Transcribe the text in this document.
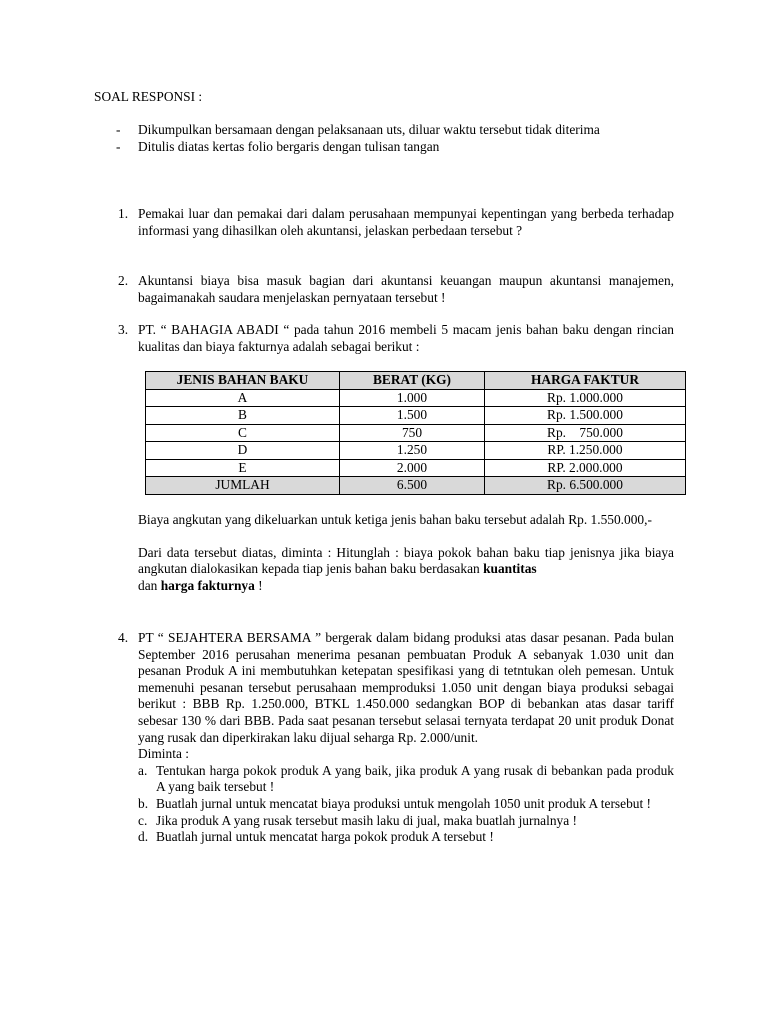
SOAL RESPONSI :
- Dikumpulkan bersamaan dengan pelaksanaan uts, diluar waktu tersebut tidak diterima
- Ditulis diatas kertas folio bergaris dengan tulisan tangan
1. Pemakai luar dan pemakai dari dalam perusahaan mempunyai kepentingan yang berbeda terhadap informasi yang dihasilkan oleh akuntansi, jelaskan perbedaan tersebut ?

2. Akuntansi biaya bisa masuk bagian dari akuntansi keuangan maupun akuntansi manajemen, bagaimanakah saudara menjelaskan pernyataan tersebut !

3. PT. “ BAHAGIA ABADI “ pada tahun 2016 membeli 5 macam jenis bahan baku dengan rincian kualitas dan biaya fakturnya adalah sebagai berikut :

JENIS BAHAN BAKU	BERAT (KG)	HARGA FAKTUR
A	1.000	Rp. 1.000.000
B	1.500	Rp. 1.500.000
C	750	Rp.    750.000
D	1.250	RP. 1.250.000
E	2.000	RP. 2.000.000
JUMLAH	6.500	Rp. 6.500.000

Biaya angkutan yang dikeluarkan untuk ketiga jenis bahan baku tersebut adalah Rp. 1.550.000,-

Dari data tersebut diatas, diminta : Hitunglah : biaya pokok bahan baku tiap jenisnya jika biaya angkutan dialokasikan kepada tiap jenis bahan baku berdasakan kuantitas
dan harga fakturnya !

4. PT “ SEJAHTERA BERSAMA ” bergerak dalam bidang produksi atas dasar pesanan. Pada bulan September 2016 perusahan menerima pesanan pembuatan Produk A sebanyak 1.030 unit dan pesanan Produk A ini membutuhkan ketepatan spesifikasi yang di tetntukan oleh pemesan. Untuk memenuhi pesanan tersebut perusahaan memproduksi 1.050 unit dengan biaya produksi sebagai berikut : BBB Rp. 1.250.000, BTKL 1.450.000 sedangkan BOP di bebankan atas dasar tariff sebesar 130 % dari BBB. Pada saat pesanan tersebut selasai ternyata terdapat 20 unit produk Donat yang rusak dan diperkirakan laku dijual seharga Rp. 2.000/unit.

Diminta :

a. Tentukan harga pokok produk A yang baik, jika produk A yang rusak di bebankan pada produk A yang baik tersebut !
b. Buatlah jurnal untuk mencatat biaya produksi untuk mengolah 1050 unit produk A tersebut !
c. Jika produk A yang rusak tersebut masih laku di jual, maka buatlah jurnalnya !
d. Buatlah jurnal untuk mencatat harga pokok produk A tersebut !
